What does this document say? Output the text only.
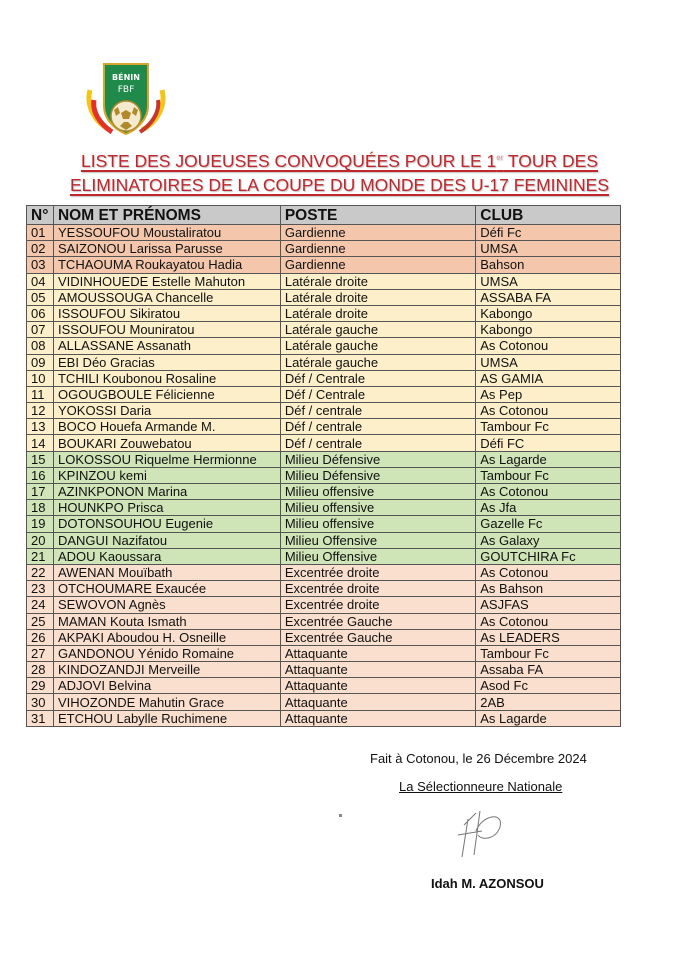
BÉNIN
FBF
LISTE DES JOUEUSES CONVOQUÉES POUR LE 1er TOUR DES
ELIMINATOIRES DE LA COUPE DU MONDE DES U-17 FEMININES
N°	NOM ET PRÉNOMS	POSTE	CLUB
01	YESSOUFOU Moustaliratou	Gardienne	Défi Fc
02	SAIZONOU Larissa Parusse	Gardienne	UMSA
03	TCHAOUMA Roukayatou Hadia	Gardienne	Bahson
04	VIDINHOUEDE Estelle Mahuton	Latérale droite	UMSA
05	AMOUSSOUGA Chancelle	Latérale droite	ASSABA FA
06	ISSOUFOU Sikiratou	Latérale droite	Kabongo
07	ISSOUFOU Mouniratou	Latérale gauche	Kabongo
08	ALLASSANE Assanath	Latérale gauche	As Cotonou
09	EBI Déo Gracias	Latérale gauche	UMSA
10	TCHILI Koubonou Rosaline	Déf / Centrale	AS GAMIA
11	OGOUGBOULE Félicienne	Déf / Centrale	As Pep
12	YOKOSSI Daria	Déf / centrale	As Cotonou
13	BOCO Houefa Armande M.	Déf / centrale	Tambour Fc
14	BOUKARI Zouwebatou	Déf / centrale	Défi FC
15	LOKOSSOU Riquelme Hermionne	Milieu Défensive	As Lagarde
16	KPINZOU kemi	Milieu Défensive	Tambour Fc
17	AZINKPONON Marina	Milieu offensive	As Cotonou
18	HOUNKPO Prisca	Milieu offensive	As Jfa
19	DOTONSOUHOU Eugenie	Milieu offensive	Gazelle Fc
20	DANGUI Nazifatou	Milieu Offensive	As Galaxy
21	ADOU Kaoussara	Milieu Offensive	GOUTCHIRA Fc
22	AWENAN Mouïbath	Excentrée droite	As Cotonou
23	OTCHOUMARE Exaucée	Excentrée droite	As Bahson
24	SEWOVON Agnès	Excentrée droite	ASJFAS
25	MAMAN Kouta Ismath	Excentrée Gauche	As Cotonou
26	AKPAKI Aboudou H. Osneille	Excentrée Gauche	As LEADERS
27	GANDONOU Yénido Romaine	Attaquante	Tambour Fc
28	KINDOZANDJI Merveille	Attaquante	Assaba FA
29	ADJOVI Belvina	Attaquante	Asod Fc
30	VIHOZONDE Mahutin Grace	Attaquante	2AB
31	ETCHOU Labylle Ruchimene	Attaquante	As Lagarde
Fait à Cotonou, le 26 Décembre 2024
La Sélectionneure Nationale
Idah M. AZONSOU
